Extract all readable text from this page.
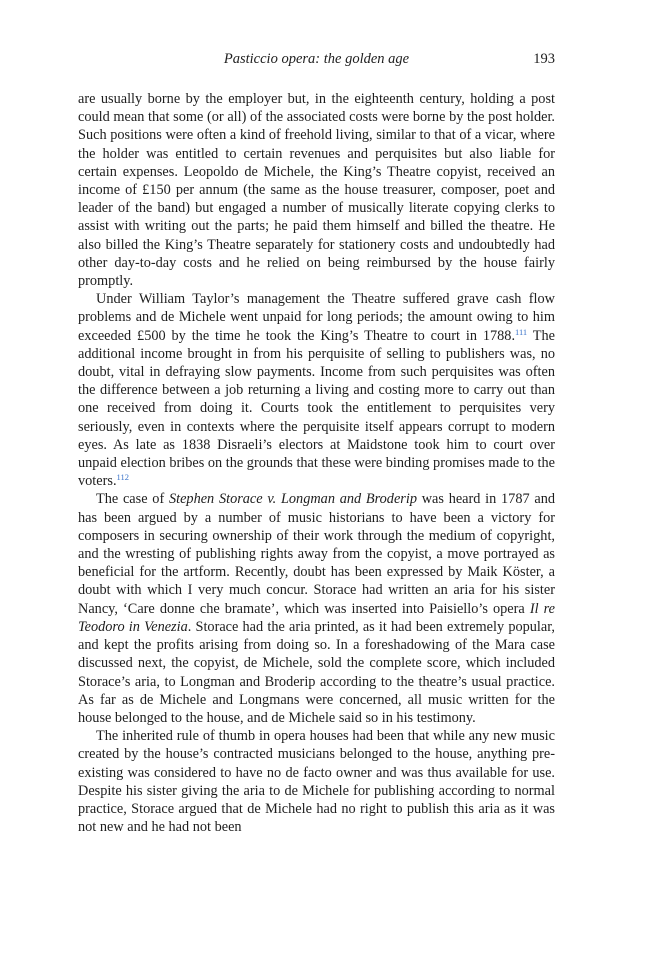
Pasticcio opera: the golden age	193

are usually borne by the employer but, in the eighteenth century, holding a post could mean that some (or all) of the associated costs were borne by the post holder. Such positions were often a kind of freehold living, similar to that of a vicar, where the holder was entitled to certain revenues and perquisites but also liable for certain expenses. Leopoldo de Michele, the King’s Theatre copyist, received an income of £150 per annum (the same as the house treasurer, composer, poet and leader of the band) but engaged a number of musically literate copying clerks to assist with writing out the parts; he paid them himself and billed the theatre. He also billed the King’s Theatre separately for stationery costs and undoubtedly had other day-to-day costs and he relied on being reimbursed by the house fairly promptly.

Under William Taylor’s management the Theatre suffered grave cash flow problems and de Michele went unpaid for long periods; the amount owing to him exceeded £500 by the time he took the King’s Theatre to court in 1788.$^{111}$ The additional income brought in from his perquisite of selling to publishers was, no doubt, vital in defraying slow payments. Income from such perquisites was often the difference between a job returning a living and costing more to carry out than one received from doing it. Courts took the entitlement to perquisites very seriously, even in contexts where the perquisite itself appears corrupt to modern eyes. As late as 1838 Disraeli’s electors at Maidstone took him to court over unpaid election bribes on the grounds that these were binding promises made to the voters.$^{112}$

The case of Stephen Storace v. Longman and Broderip was heard in 1787 and has been argued by a number of music historians to have been a victory for composers in securing ownership of their work through the medium of copyright, and the wresting of publishing rights away from the copyist, a move portrayed as beneficial for the artform. Recently, doubt has been expressed by Maik Köster, a doubt with which I very much concur. Storace had written an aria for his sister Nancy, ‘Care donne che bramate’, which was inserted into Paisiello’s opera Il re Teodoro in Venezia. Storace had the aria printed, as it had been extremely popular, and kept the profits arising from doing so. In a foreshadowing of the Mara case discussed next, the copyist, de Michele, sold the complete score, which included Storace’s aria, to Longman and Broderip according to the theatre’s usual practice. As far as de Michele and Longmans were concerned, all music written for the house belonged to the house, and de Michele said so in his testimony.

The inherited rule of thumb in opera houses had been that while any new music created by the house’s contracted musicians belonged to the house, anything pre-existing was considered to have no de facto owner and was thus available for use. Despite his sister giving the aria to de Michele for publishing according to normal practice, Storace argued that de Michele had no right to publish this aria as it was not new and he had not been
